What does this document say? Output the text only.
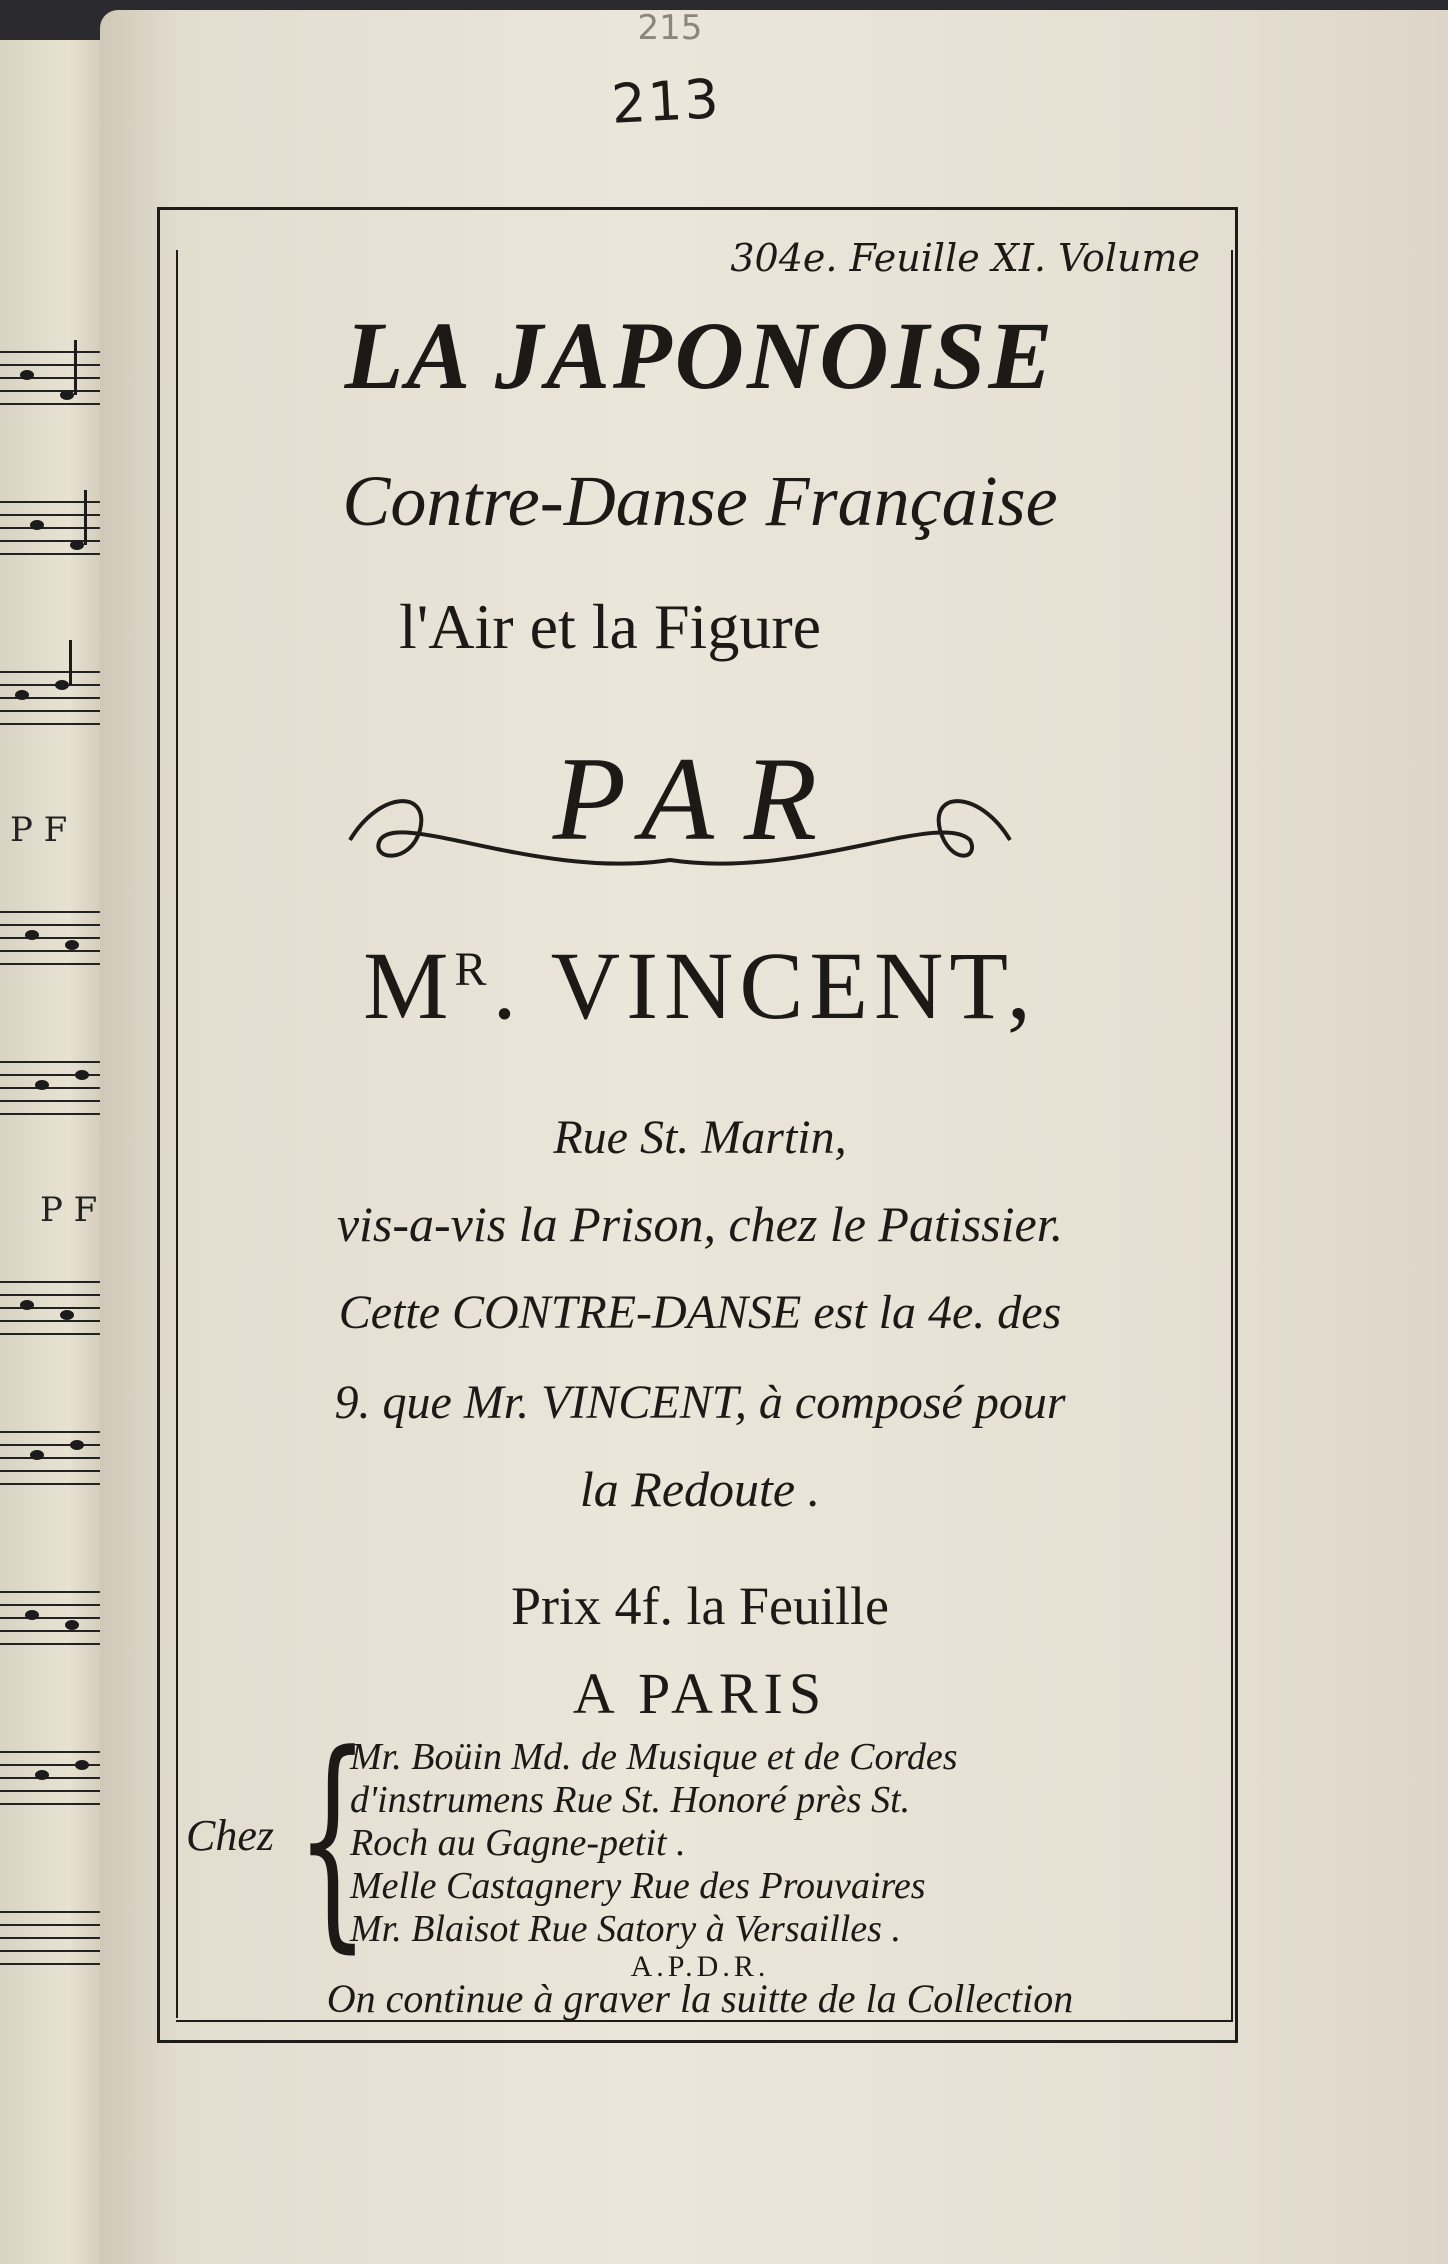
P F
P F
215
213
304e. Feuille XI. Volume
LA JAPONOISE
Contre-Danse Française
l'Air et la Figure
PAR
$M^R$. VINCENT,
Rue St. Martin,
vis-a-vis la Prison, chez le Patissier.
Cette CONTRE-DANSE est la 4e. des
9. que Mr. VINCENT, à composé pour
la Redoute .
Prix 4f. la Feuille
A PARIS
Chez {
Mr. Boüin Md. de Musique et de Cordes
d'instrumens Rue St. Honoré près St.
Roch au Gagne-petit .
Melle Castagnery Rue des Prouvaires
Mr. Blaisot Rue Satory à Versailles .
A.P.D.R.
On continue à graver la suitte de la Collection
